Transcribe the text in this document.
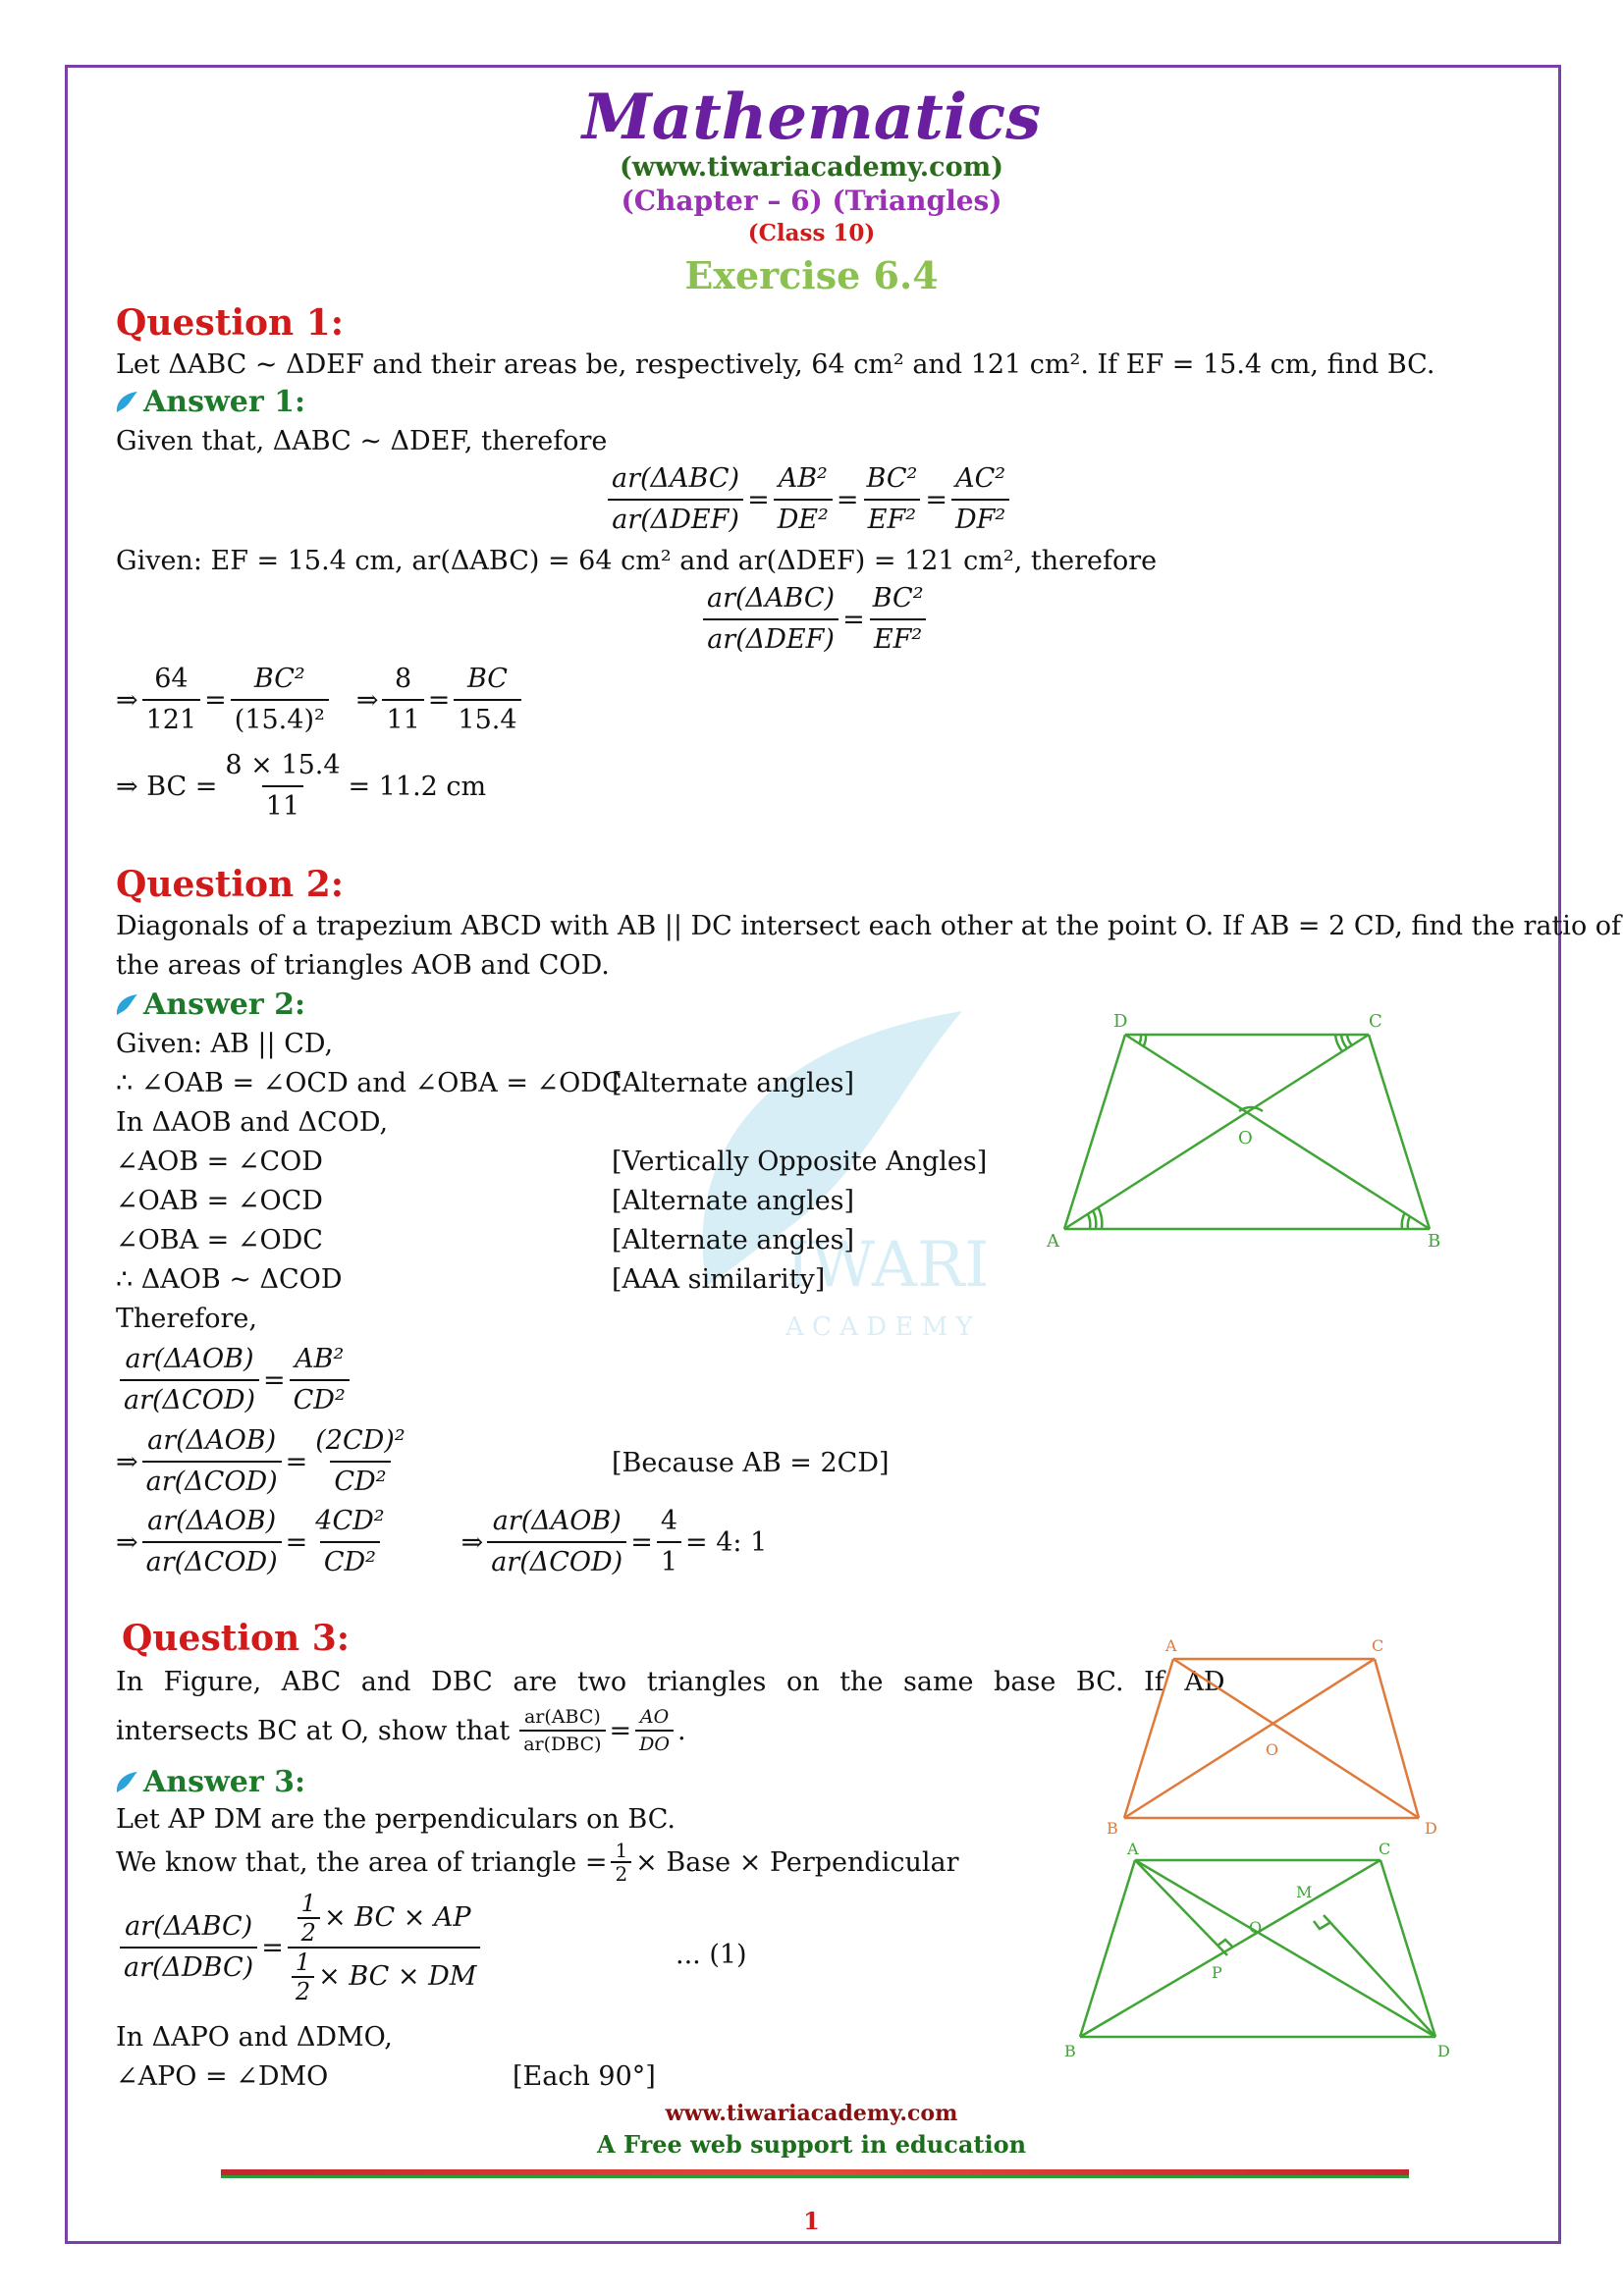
IWARI
A C A D E M Y
Mathematics
(www.tiwariacademy.com)
(Chapter – 6) (Triangles)
(Class 10)
Exercise 6.4
Question 1:
Let ΔABC ~ ΔDEF and their areas be, respectively, 64 cm² and 121 cm². If EF = 15.4 cm, find BC.
Answer 1:
Given that, ΔABC ~ ΔDEF, therefore
$\frac{\text{ar(ΔABC)}}{\text{ar(ΔDEF)}} = \frac{\text{AB²}}{\text{DE²}} = \frac{\text{BC²}}{\text{EF²}} = \frac{\text{AC²}}{\text{DF²}}$
Given: EF = 15.4 cm, ar(ΔABC) = 64 cm² and ar(ΔDEF) = 121 cm², therefore
$\frac{\text{ar(ΔABC)}}{\text{ar(ΔDEF)}} = \frac{\text{BC²}}{\text{EF²}}$
⇒ $\frac{64}{121} = \frac{\text{BC²}}{\text{(15.4)²}}$ ⇒ $\frac{8}{11} = \frac{BC}{15.4}$
⇒ BC = $\frac{8 \times 15.4}{11} = 11.2$ cm
Question 2:
Diagonals of a trapezium ABCD with AB || DC intersect each other at the point O. If AB = 2 CD, find the ratio of
the areas of triangles AOB and COD.
Answer 2:
Given: AB || CD,
∴ ∠OAB = ∠OCD and ∠OBA = ∠ODC
[Alternate angles]
In ΔAOB and ΔCOD,
∠AOB = ∠COD	[Vertically Opposite Angles]
∠OAB = ∠OCD	[Alternate angles]
∠OBA = ∠ODC	[Alternate angles]
∴ ΔAOB ~ ΔCOD	[AAA similarity]
Therefore,
$\frac{\text{ar(ΔAOB)}}{\text{ar(ΔCOD)}} = \frac{\text{AB²}}{\text{CD²}}$
⇒ $\frac{\text{ar(ΔAOB)}}{\text{ar(ΔCOD)}} = \frac{\text{(2CD)²}}{\text{CD²}}$	[Because AB = 2CD]
⇒ $\frac{\text{ar(ΔAOB)}}{\text{ar(ΔCOD)}} = \frac{\text{4CD²}}{\text{CD²}}$	⇒ $\frac{\text{ar(ΔAOB)}}{\text{ar(ΔCOD)}} = \frac{4}{1} = 4$: 1
D	C
O
A	B
Question 3:
In Figure, ABC and DBC are two triangles on the same base BC. If AD
intersects BC at O, show that $\frac{\text{ar(ABC)}}{\text{ar(DBC)}} = \frac{AO}{DO}$ .
Answer 3:
Let AP DM are the perpendiculars on BC.
We know that, the area of triangle = $\frac{1}{2}$ × Base × Perpendicular
$\frac{\text{ar(ΔABC)}}{\text{ar(ΔDBC)}} = \frac{\frac{1}{2} \times BC \times AP}{\frac{1}{2} \times BC \times DM}$	... (1)
In ΔAPO and ΔDMO,
∠APO = ∠DMO	[Each 90°]
A	C
O
B	D
A	C
M
O
P
B	D
www.tiwariacademy.com
A Free web support in education
1
